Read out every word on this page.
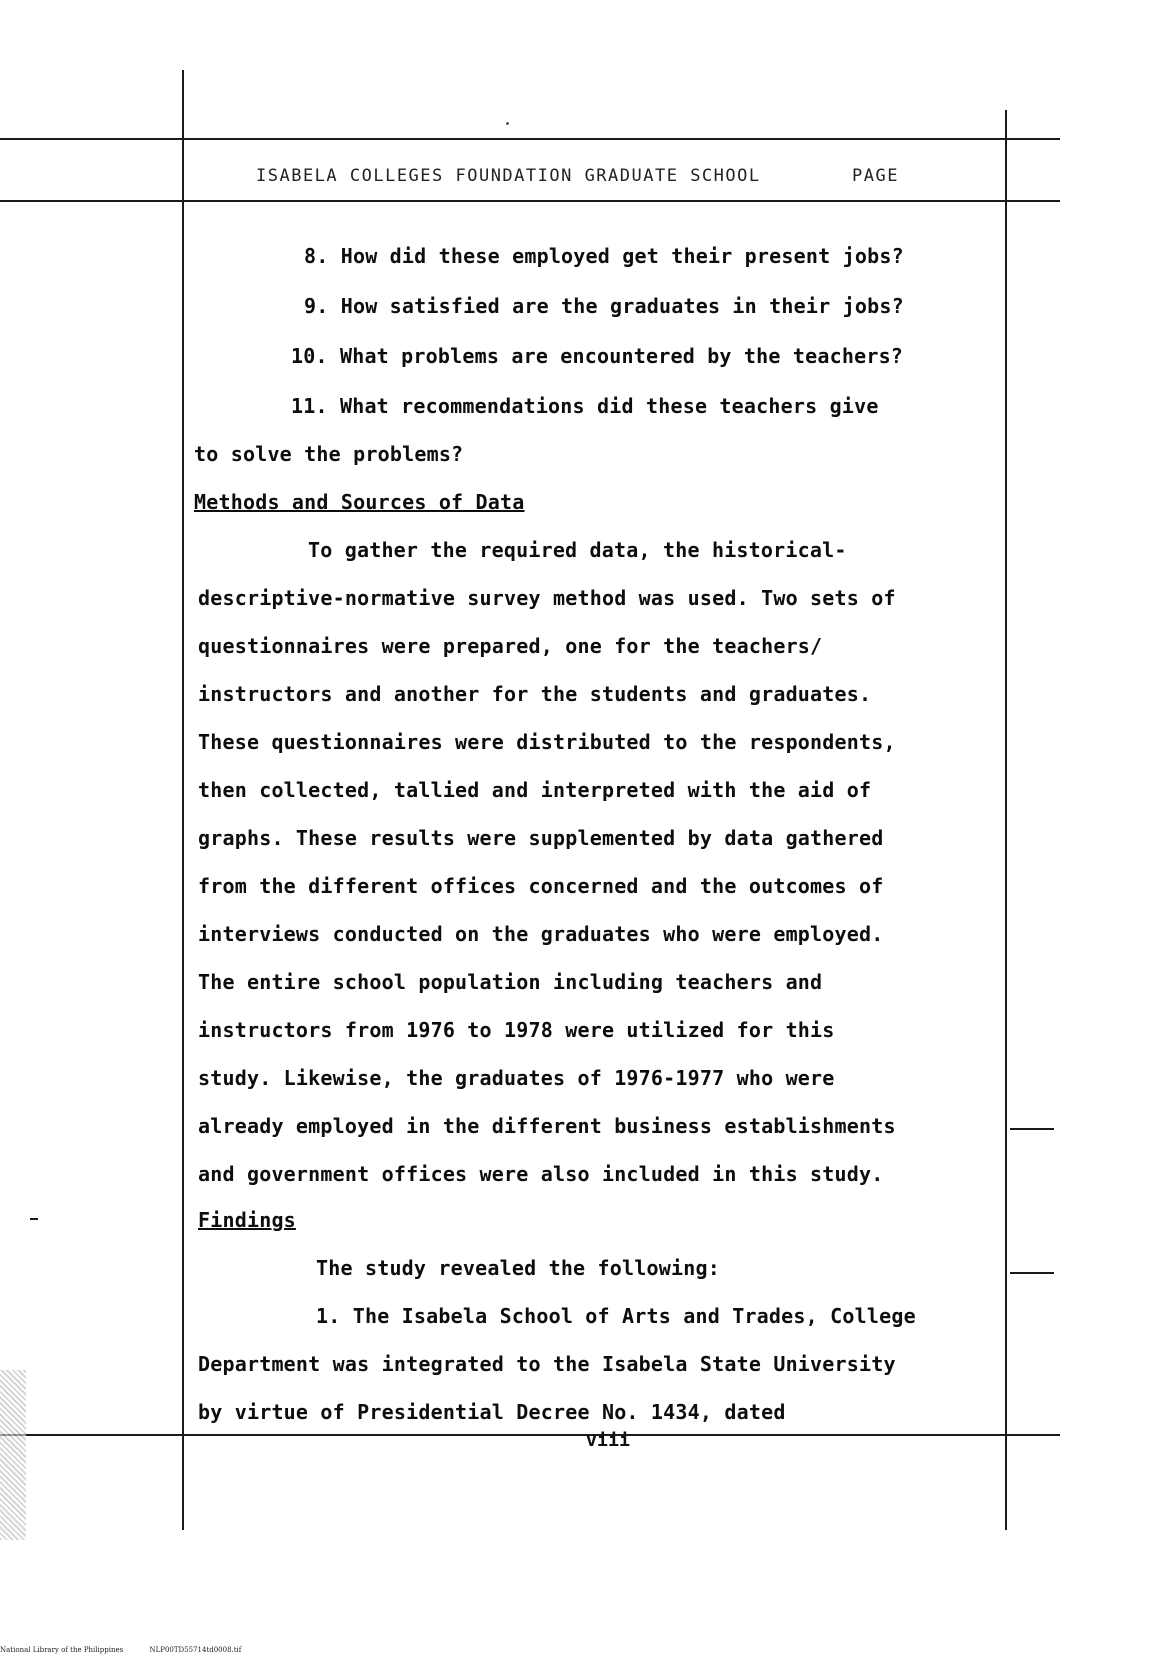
ISABELA COLLEGES FOUNDATION GRADUATE SCHOOL	PAGE
8. How did these employed get their present jobs?
9. How satisfied are the graduates in their jobs?
10. What problems are encountered by the teachers?
11. What recommendations did these teachers give
to solve the problems?
Methods and Sources of Data
To gather the required data, the historical-
descriptive-normative survey method was used. Two sets of
questionnaires were prepared, one for the teachers/
instructors and another for the students and graduates.
These questionnaires were distributed to the respondents,
then collected, tallied and interpreted with the aid of
graphs. These results were supplemented by data gathered
from the different offices concerned and the outcomes of
interviews conducted on the graduates who were employed.
The entire school population including teachers and
instructors from 1976 to 1978 were utilized for this
study. Likewise, the graduates of 1976-1977 who were
already employed in the different business establishments
and government offices were also included in this study.
Findings
The study revealed the following:
1. The Isabela School of Arts and Trades, College
Department was integrated to the Isabela State University
by virtue of Presidential Decree No. 1434, dated
viii
National Library of the Philippines	NLP00TD55714td0008.tif
